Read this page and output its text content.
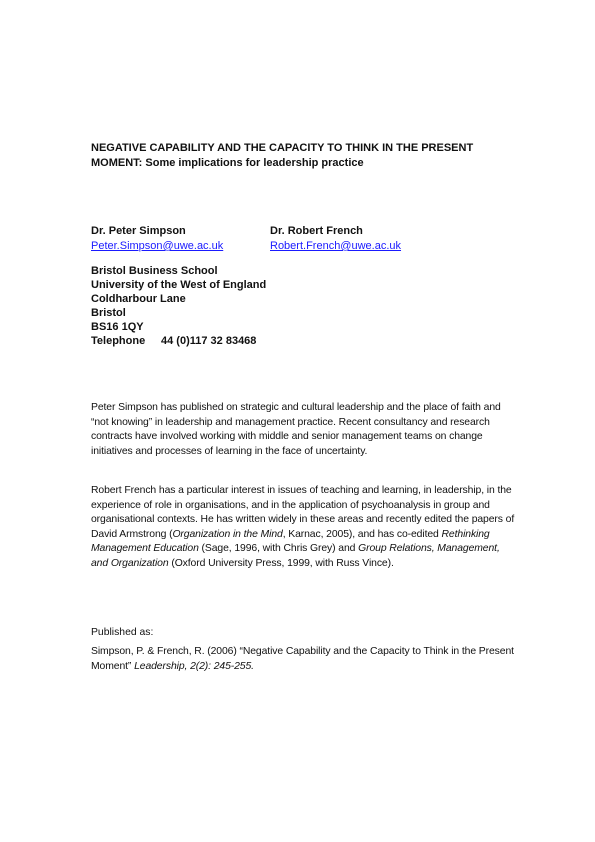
NEGATIVE CAPABILITY AND THE CAPACITY TO THINK IN THE PRESENT
MOMENT: Some implications for leadership practice
Dr. Peter Simpson
Peter.Simpson@uwe.ac.uk
Dr. Robert French
Robert.French@uwe.ac.uk
Bristol Business School
University of the West of England
Coldharbour Lane
Bristol
BS16 1QY
Telephone 44 (0)117 32 83468
Peter Simpson has published on strategic and cultural leadership and the place of faith and “not knowing” in leadership and management practice. Recent consultancy and research contracts have involved working with middle and senior management teams on change initiatives and processes of learning in the face of uncertainty.
Robert French has a particular interest in issues of teaching and learning, in leadership, in the experience of role in organisations, and in the application of psychoanalysis in group and organisational contexts. He has written widely in these areas and recently edited the papers of David Armstrong (Organization in the Mind, Karnac, 2005), and has co-edited Rethinking Management Education (Sage, 1996, with Chris Grey) and Group Relations, Management, and Organization (Oxford University Press, 1999, with Russ Vince).
Published as:
Simpson, P. & French, R. (2006) “Negative Capability and the Capacity to Think in the Present Moment” Leadership, 2(2): 245-255.
